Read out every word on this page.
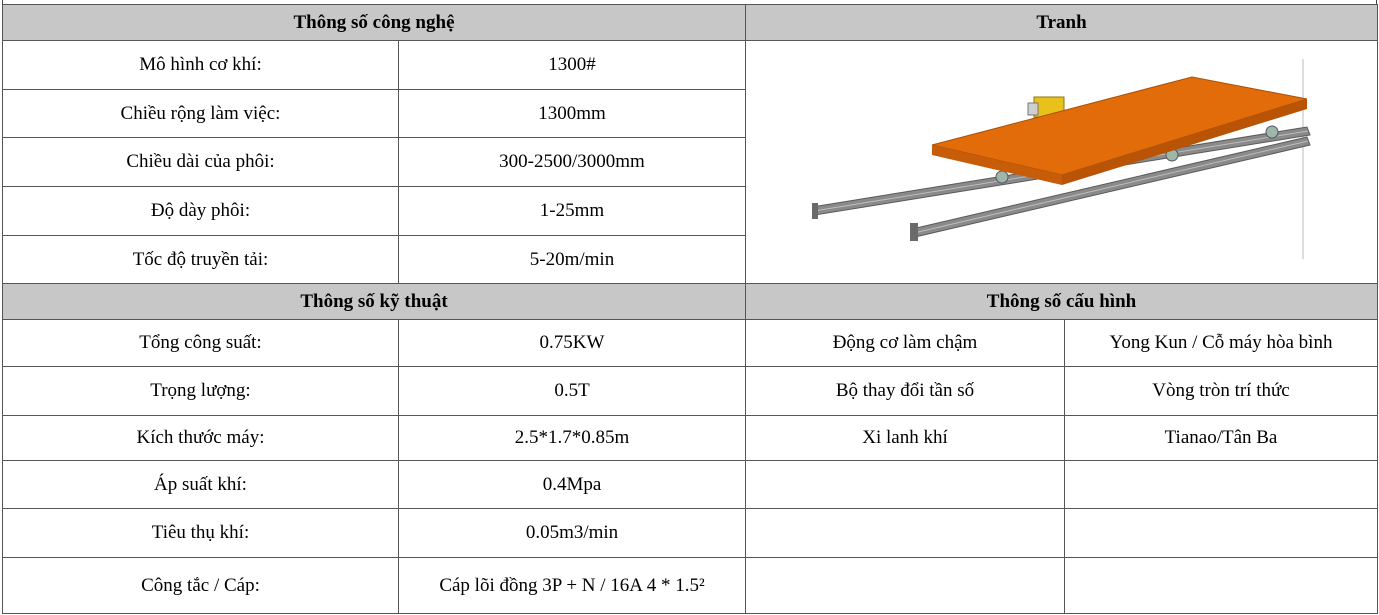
Thông số công nghệ		Tranh	
Mô hình cơ khí:	1300#	

Chiều rộng làm việc:	1300mm		
Chiều dài của phôi:	300-2500/3000mm		
Độ dày phôi:	1-25mm		
Tốc độ truyền tải:	5-20m/min		
Thông số kỹ thuật		Thông số cấu hình	
Tổng công suất:	0.75KW	Động cơ làm chậm	Yong Kun / Cỗ máy hòa bình
Trọng lượng:	0.5T	Bộ thay đổi tần số	Vòng tròn trí thức
Kích thước máy:	2.5*1.7*0.85m	Xi lanh khí	Tianao/Tân Ba
Áp suất khí:	0.4Mpa		
Tiêu thụ khí:	0.05m3/min		
Công tắc / Cáp:	Cáp lõi đồng 3P + N / 16A 4 * 1.5²		
